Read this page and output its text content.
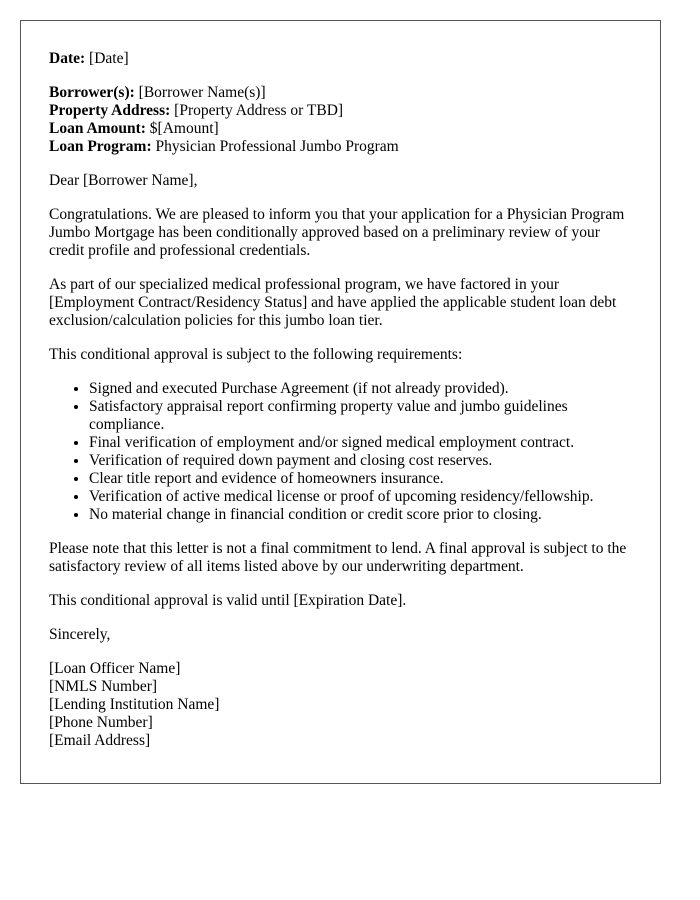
Date: [Date]

Borrower(s): [Borrower Name(s)]
Property Address: [Property Address or TBD]
Loan Amount: $[Amount]
Loan Program: Physician Professional Jumbo Program

Dear [Borrower Name],

Congratulations. We are pleased to inform you that your application for a Physician Program Jumbo Mortgage has been conditionally approved based on a preliminary review of your credit profile and professional credentials.

As part of our specialized medical professional program, we have factored in your [Employment Contract/Residency Status] and have applied the applicable student loan debt exclusion/calculation policies for this jumbo loan tier.

This conditional approval is subject to the following requirements:

• Signed and executed Purchase Agreement (if not already provided).
• Satisfactory appraisal report confirming property value and jumbo guidelines compliance.
• Final verification of employment and/or signed medical employment contract.
• Verification of required down payment and closing cost reserves.
• Clear title report and evidence of homeowners insurance.
• Verification of active medical license or proof of upcoming residency/fellowship.
• No material change in financial condition or credit score prior to closing.

Please note that this letter is not a final commitment to lend. A final approval is subject to the satisfactory review of all items listed above by our underwriting department.

This conditional approval is valid until [Expiration Date].

Sincerely,

[Loan Officer Name]
[NMLS Number]
[Lending Institution Name]
[Phone Number]
[Email Address]
